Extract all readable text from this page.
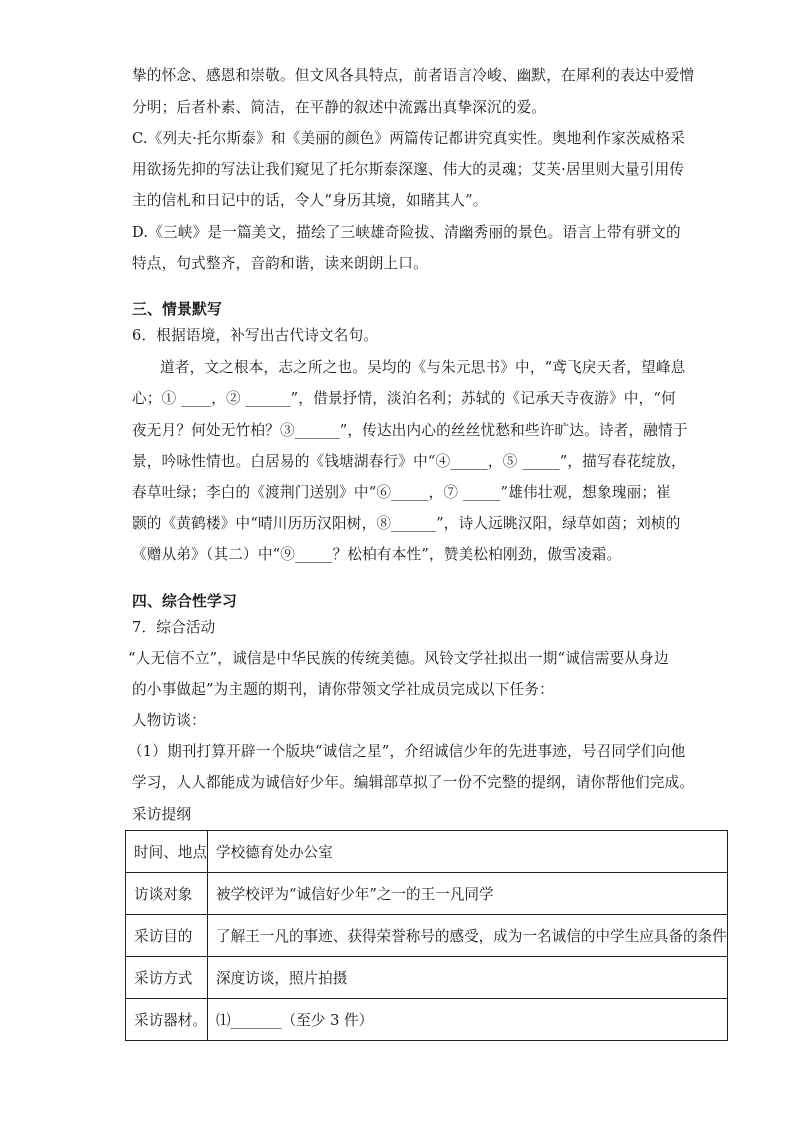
挚的怀念、感恩和崇敬。但文风各具特点，前者语言冷峻、幽默，在犀利的表达中爱憎
分明；后者朴素、简洁，在平静的叙述中流露出真挚深沉的爱。
C.《列夫·托尔斯泰》和《美丽的颜色》两篇传记都讲究真实性。奥地利作家茨威格采
用欲扬先抑的写法让我们窥见了托尔斯泰深邃、伟大的灵魂；艾芙·居里则大量引用传
主的信札和日记中的话，令人“身历其境，如睹其人”。
D.《三峡》是一篇美文，描绘了三峡雄奇险拔、清幽秀丽的景色。语言上带有骈文的
特点，句式整齐，音韵和谐，读来朗朗上口。
三、情景默写
6．根据语境，补写出古代诗文名句。
道者，文之根本，志之所之也。吴均的《与朱元思书》中，“鸢飞戾天者，望峰息
心；① ____，② ______”，借景抒情，淡泊名利；苏轼的《记承天寺夜游》中，“何
夜无月？何处无竹柏？③______”，传达出内心的丝丝忧愁和些许旷达。诗者，融情于
景，吟咏性情也。白居易的《钱塘湖春行》中“④_____，⑤ _____”，描写春花绽放，
春草吐绿；李白的《渡荆门送别》中“⑥_____，⑦ _____”雄伟壮观，想象瑰丽；崔
颢的《黄鹤楼》中“晴川历历汉阳树，⑧______”，诗人远眺汉阳，绿草如茵；刘桢的
《赠从弟》（其二）中“⑨_____？松柏有本性”，赞美松柏刚劲，傲雪凌霜。
四、综合性学习
7．综合活动
“人无信不立”，诚信是中华民族的传统美德。风铃文学社拟出一期“诚信需要从身边
的小事做起”为主题的期刊，请你带领文学社成员完成以下任务：
人物访谈：
（1）期刊打算开辟一个版块“诚信之星”，介绍诚信少年的先进事迹，号召同学们向他
学习，人人都能成为诚信好少年。编辑部草拟了一份不完整的提纲，请你帮他们完成。
采访提纲
时间、地点	学校德育处办公室
访谈对象	被学校评为“诚信好少年”之一的王一凡同学
采访目的	了解王一凡的事迹、获得荣誉称号的感受，成为一名诚信的中学生应具备的条件
采访方式	深度访谈，照片拍摄
采访器材。	⑴_______（至少 3 件）
